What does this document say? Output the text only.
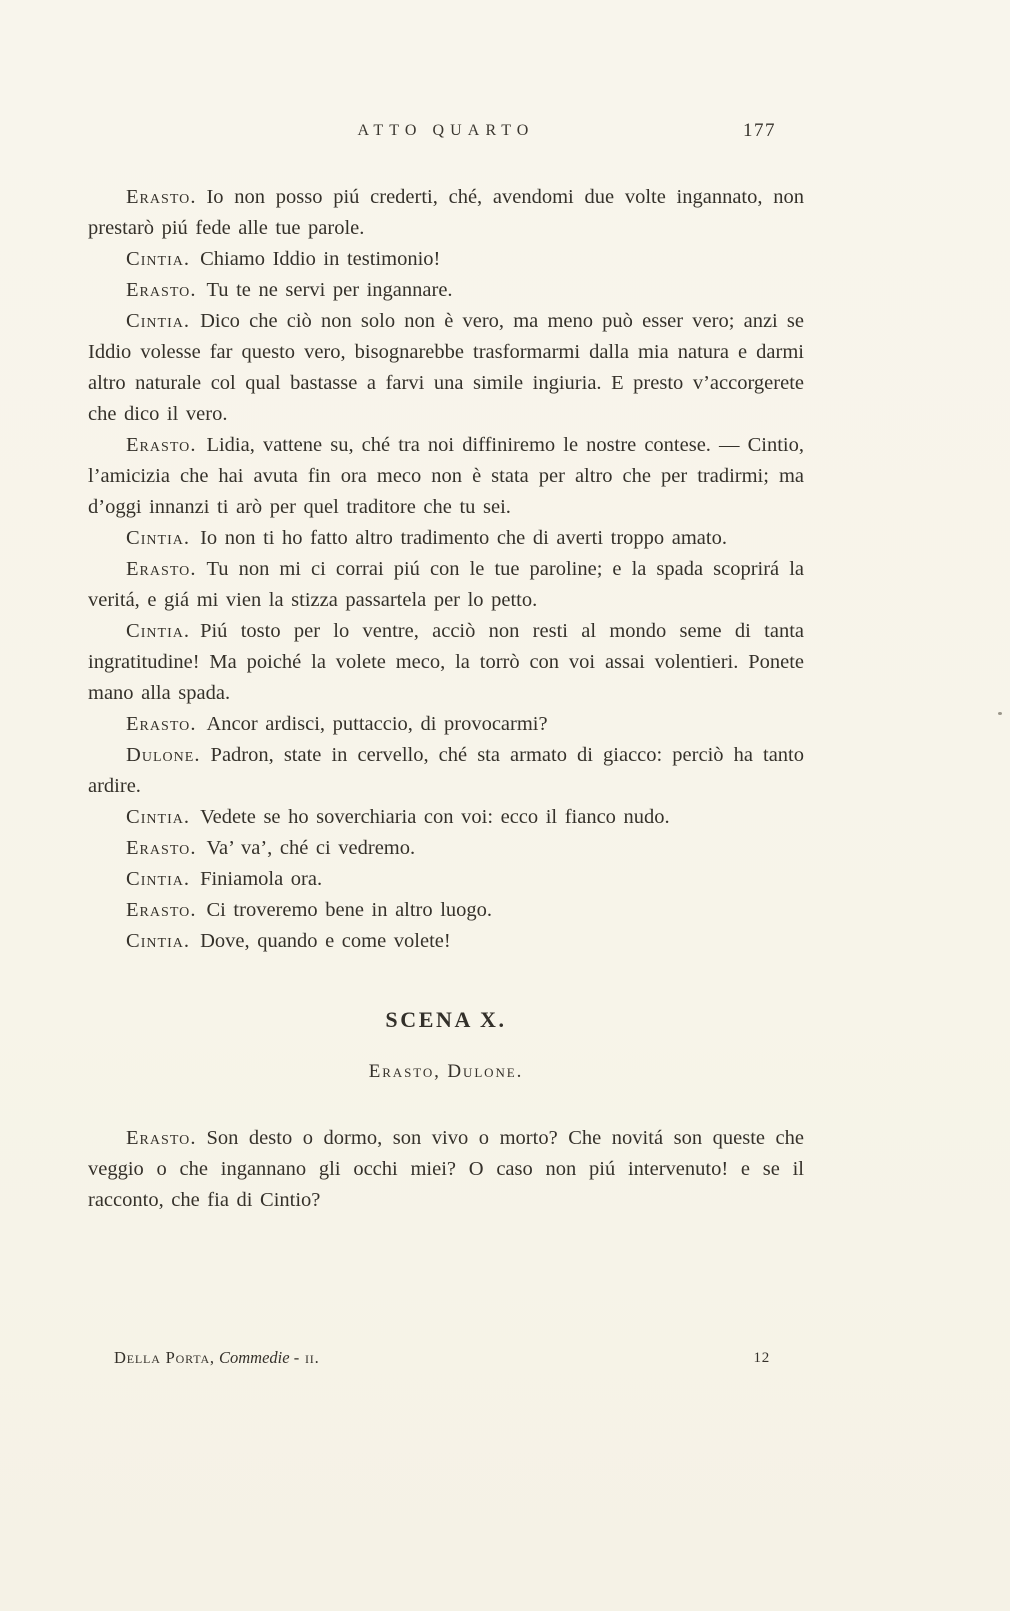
ATTO QUARTO	177

Erasto. Io non posso piú crederti, ché, avendomi due volte ingannato, non prestarò piú fede alle tue parole.

Cintia. Chiamo Iddio in testimonio!

Erasto. Tu te ne servi per ingannare.

Cintia. Dico che ciò non solo non è vero, ma meno può esser vero; anzi se Iddio volesse far questo vero, bisognarebbe trasformarmi dalla mia natura e darmi altro naturale col qual bastasse a farvi una simile ingiuria. E presto v’accorgerete che dico il vero.

Erasto. Lidia, vattene su, ché tra noi diffiniremo le nostre contese. — Cintio, l’amicizia che hai avuta fin ora meco non è stata per altro che per tradirmi; ma d’oggi innanzi ti arò per quel traditore che tu sei.

Cintia. Io non ti ho fatto altro tradimento che di averti troppo amato.

Erasto. Tu non mi ci corrai piú con le tue paroline; e la spada scoprirá la veritá, e giá mi vien la stizza passartela per lo petto.

Cintia. Piú tosto per lo ventre, acciò non resti al mondo seme di tanta ingratitudine! Ma poiché la volete meco, la torrò con voi assai volentieri. Ponete mano alla spada.

Erasto. Ancor ardisci, puttaccio, di provocarmi?

Dulone. Padron, state in cervello, ché sta armato di giacco: perciò ha tanto ardire.

Cintia. Vedete se ho soverchiaria con voi: ecco il fianco nudo.

Erasto. Va’ va’, ché ci vedremo.

Cintia. Finiamola ora.

Erasto. Ci troveremo bene in altro luogo.

Cintia. Dove, quando e come volete!

SCENA X.
Erasto, Dulone.

Erasto. Son desto o dormo, son vivo o morto? Che novitá son queste che veggio o che ingannano gli occhi miei? O caso non piú intervenuto! e se il racconto, che fia di Cintio?

Della Porta, Commedie - ii.	12
